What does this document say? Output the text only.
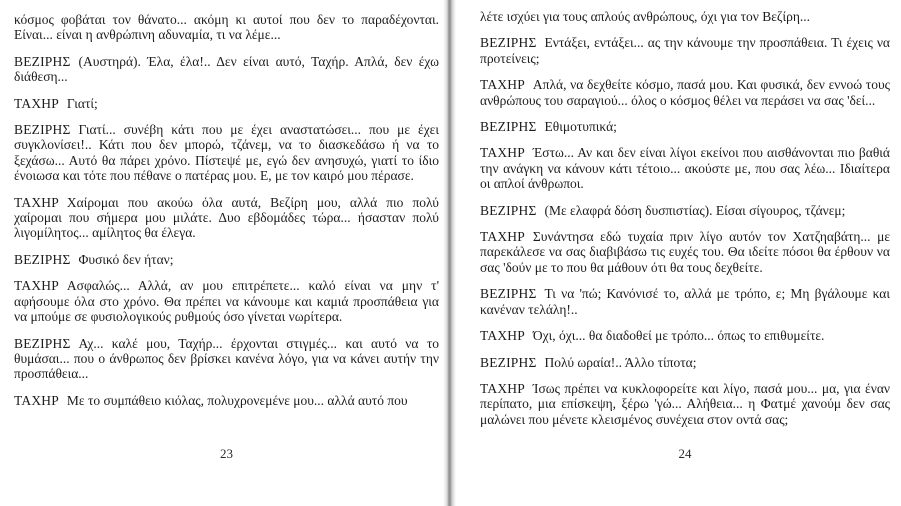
κόσμος φοβάται τον θάνατο... ακόμη κι αυτοί που δεν το παραδέχονται. Είναι... είναι η ανθρώπινη αδυναμία, τι να λέμε...

ΒΕΖΙΡΗΣ (Αυστηρά). Έλα, έλα!.. Δεν είναι αυτό, Ταχήρ. Απλά, δεν έχω διάθεση...

ΤΑΧΗΡ Γιατί;

ΒΕΖΙΡΗΣ Γιατί... συνέβη κάτι που με έχει αναστατώσει... που με έχει συγκλονίσει!.. Κάτι που δεν μπορώ, τζάνεμ, να το διασκεδάσω ή να το ξεχάσω... Αυτό θα πάρει χρόνο. Πίστεψέ με, εγώ δεν ανησυχώ, γιατί το ίδιο ένοιωσα και τότε που πέθανε ο πατέρας μου. Ε, με τον καιρό μου πέρασε.

ΤΑΧΗΡ Χαίρομαι που ακούω όλα αυτά, Βεζίρη μου, αλλά πιο πολύ χαίρομαι που σήμερα μου μιλάτε. Δυο εβδομάδες τώρα... ήσασταν πολύ λιγομίλητος... αμίλητος θα έλεγα.

ΒΕΖΙΡΗΣ Φυσικό δεν ήταν;

ΤΑΧΗΡ Ασφαλώς... Αλλά, αν μου επιτρέπετε... καλό είναι να μην τ' αφήσουμε όλα στο χρόνο. Θα πρέπει να κάνουμε και καμιά προσπάθεια για να μπούμε σε φυσιολογικούς ρυθμούς όσο γίνεται νωρίτερα.

ΒΕΖΙΡΗΣ Αχ... καλέ μου, Ταχήρ... έρχονται στιγμές... και αυτό να το θυμάσαι... που ο άνθρωπος δεν βρίσκει κανένα λόγο, για να κάνει αυτήν την προσπάθεια...

ΤΑΧΗΡ Με το συμπάθειο κιόλας, πολυχρονεμένε μου... αλλά αυτό που

23

λέτε ισχύει για τους απλούς ανθρώπους, όχι για τον Βεζίρη...

ΒΕΖΙΡΗΣ Εντάξει, εντάξει... ας την κάνουμε την προσπάθεια. Τι έχεις να προτείνεις;

ΤΑΧΗΡ Απλά, να δεχθείτε κόσμο, πασά μου. Και φυσικά, δεν εννοώ τους ανθρώπους του σαραγιού... όλος ο κόσμος θέλει να περάσει να σας 'δεί...

ΒΕΖΙΡΗΣ Εθιμοτυπικά;

ΤΑΧΗΡ Έστω... Αν και δεν είναι λίγοι εκείνοι που αισθάνονται πιο βαθιά την ανάγκη να κάνουν κάτι τέτοιο... ακούστε με, που σας λέω... Ιδιαίτερα οι απλοί άνθρωποι.

ΒΕΖΙΡΗΣ (Με ελαφρά δόση δυσπιστίας). Είσαι σίγουρος, τζάνεμ;

ΤΑΧΗΡ Συνάντησα εδώ τυχαία πριν λίγο αυτόν τον Χατζηαβάτη... με παρεκάλεσε να σας διαβιβάσω τις ευχές του. Θα ιδείτε πόσοι θα έρθουν να σας 'δούν με το που θα μάθουν ότι θα τους δεχθείτε.

ΒΕΖΙΡΗΣ Τι να 'πώ; Κανόνισέ το, αλλά με τρόπο, ε; Μη βγάλουμε και κανέναν τελάλη!..

ΤΑΧΗΡ Όχι, όχι... θα διαδοθεί με τρόπο... όπως το επιθυμείτε.

ΒΕΖΙΡΗΣ Πολύ ωραία!.. Άλλο τίποτα;

ΤΑΧΗΡ Ίσως πρέπει να κυκλοφορείτε και λίγο, πασά μου... μα, για έναν περίπατο, μια επίσκεψη, ξέρω 'γώ... Αλήθεια... η Φατμέ χανούμ δεν σας μαλώνει που μένετε κλεισμένος συνέχεια στον οντά σας;

24
